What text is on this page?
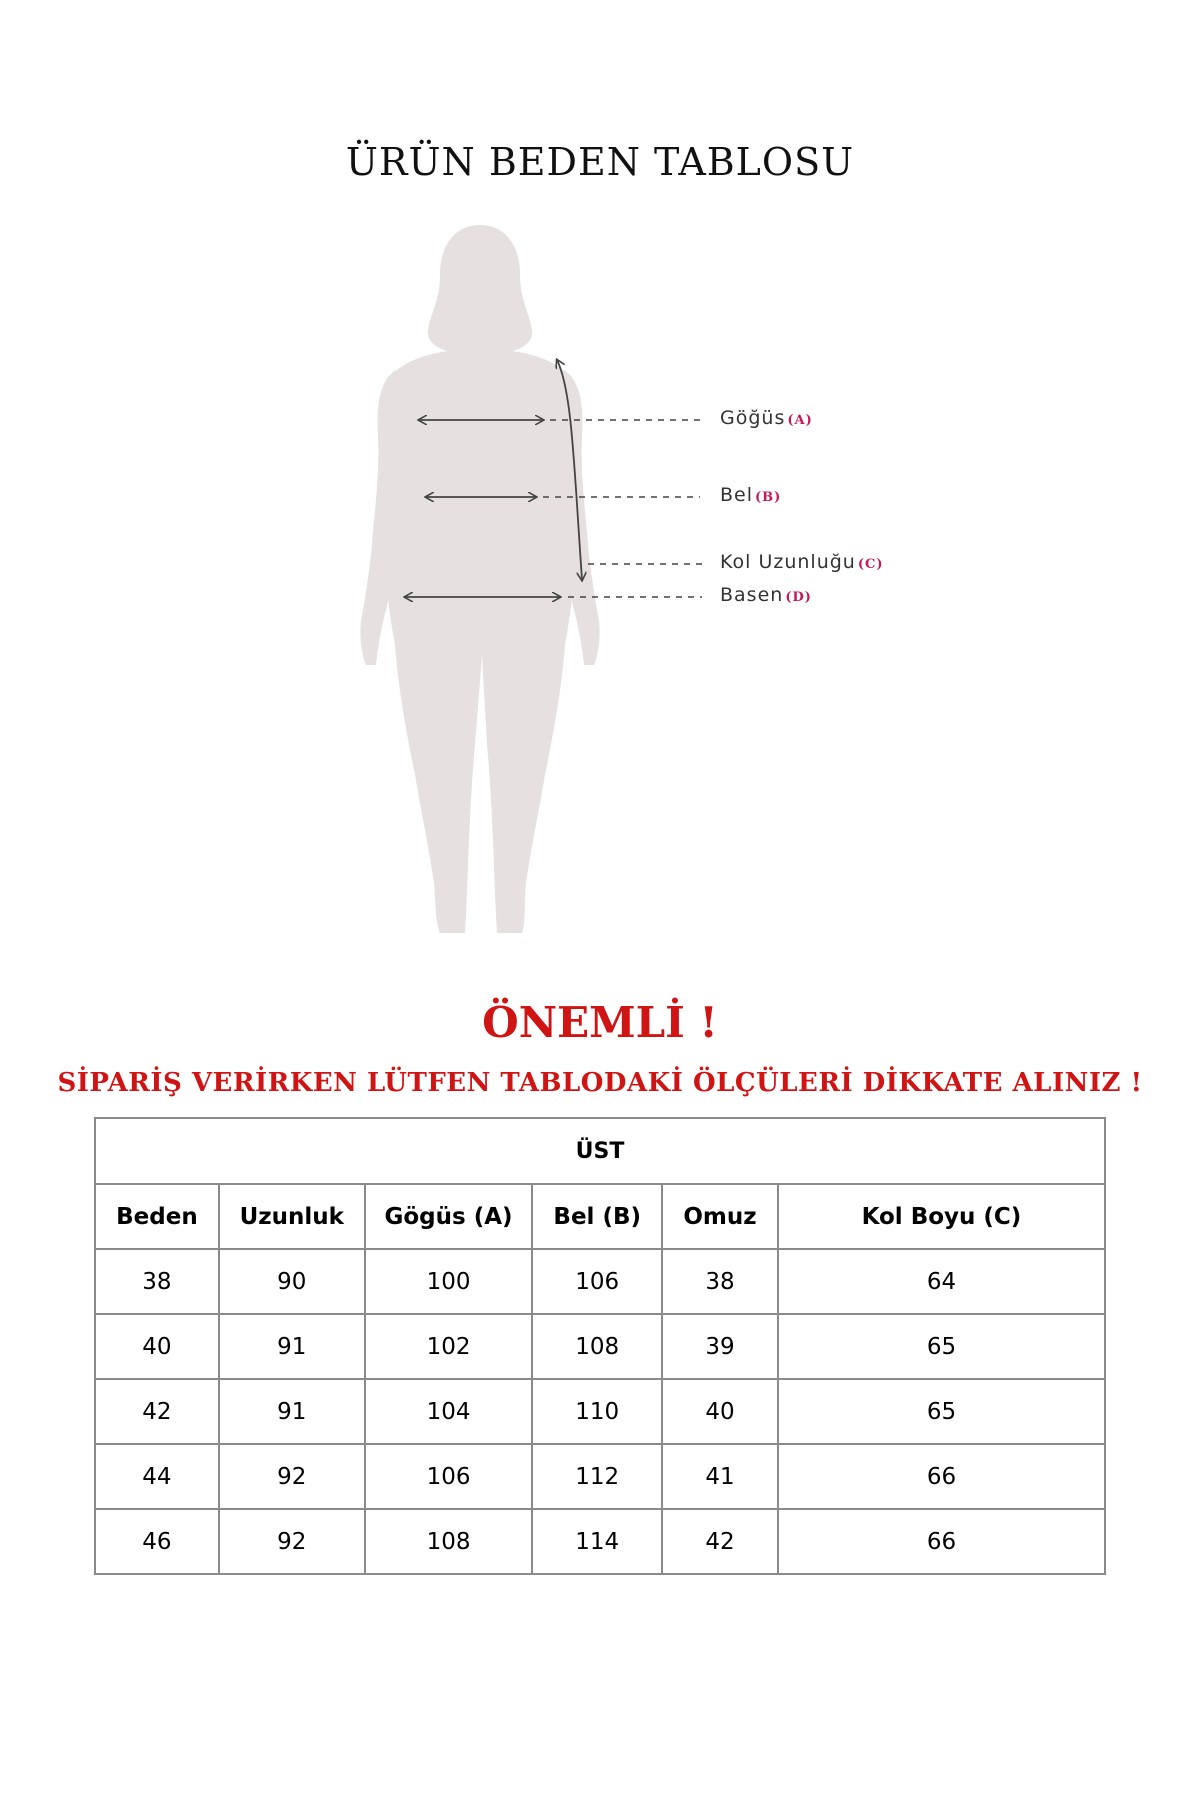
ÜRÜN BEDEN TABLOSU
Göğüs (A)
Bel (B)
Kol Uzunluğu (C)
Basen (D)
ÖNEMLİ !
SİPARİŞ VERİRKEN LÜTFEN TABLODAKİ ÖLÇÜLERİ DİKKATE ALINIZ !
ÜST					
Beden	Uzunluk	Gögüs (A)	Bel (B)	Omuz	Kol Boyu (C)
38	90	100	106	38	64
40	91	102	108	39	65
42	91	104	110	40	65
44	92	106	112	41	66
46	92	108	114	42	66
